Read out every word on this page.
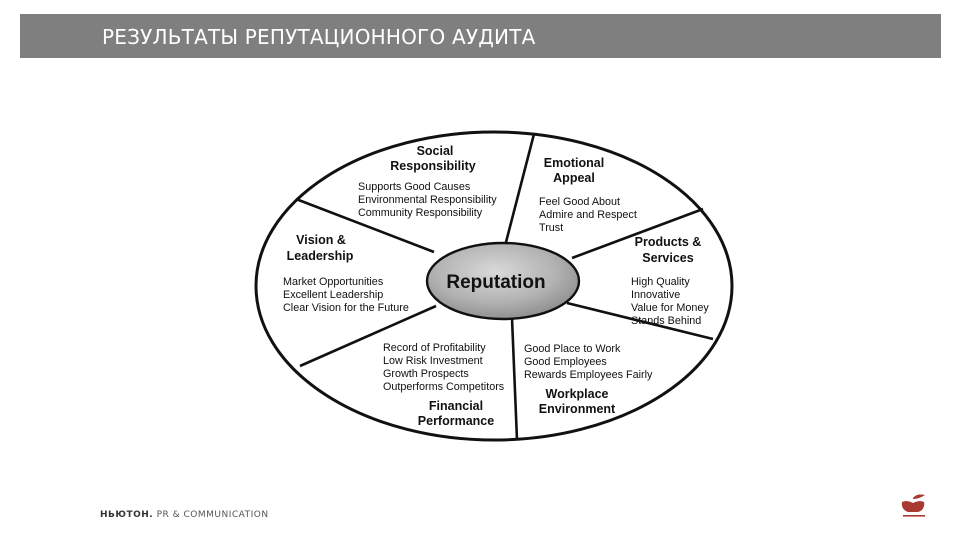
РЕЗУЛЬТАТЫ РЕПУТАЦИОННОГО АУДИТА
Reputation
Social
Responsibility
Supports Good Causes
Environmental Responsibility
Community Responsibility
Emotional
Appeal
Feel Good About
Admire and Respect
Trust
Products &
Services
High Quality
Innovative
Value for Money
Stands Behind
Good Place to Work
Good Employees
Rewards Employees Fairly
Workplace
Environment
Record of Profitability
Low Risk Investment
Growth Prospects
Outperforms Competitors
Financial
Performance
Vision &
Leadership
Market Opportunities
Excellent Leadership
Clear Vision for the Future
НЬЮТОН. PR & COMMUNICATION
